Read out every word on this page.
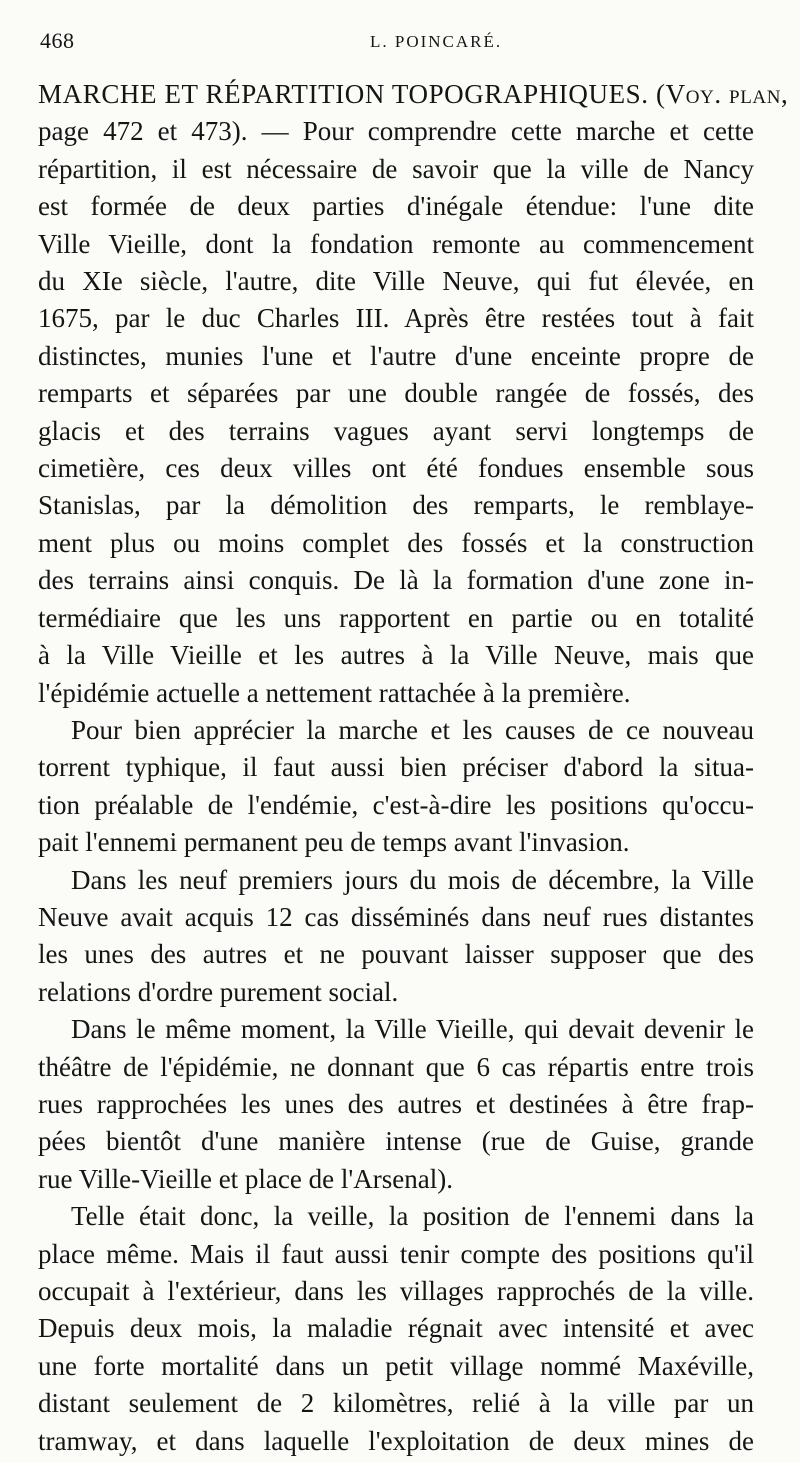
468	L. POINCARÉ.
MARCHE ET RÉPARTITION TOPOGRAPHIQUES. (Voy. plan,
page 472 et 473). — Pour comprendre cette marche et cette
répartition, il est nécessaire de savoir que la ville de Nancy
est formée de deux parties d'inégale étendue: l'une dite
Ville Vieille, dont la fondation remonte au commencement
du XIe siècle, l'autre, dite Ville Neuve, qui fut élevée, en
1675, par le duc Charles III. Après être restées tout à fait
distinctes, munies l'une et l'autre d'une enceinte propre de
remparts et séparées par une double rangée de fossés, des
glacis et des terrains vagues ayant servi longtemps de
cimetière, ces deux villes ont été fondues ensemble sous
Stanislas, par la démolition des remparts, le remblaye-
ment plus ou moins complet des fossés et la construction
des terrains ainsi conquis. De là la formation d'une zone in-
termédiaire que les uns rapportent en partie ou en totalité
à la Ville Vieille et les autres à la Ville Neuve, mais que
l'épidémie actuelle a nettement rattachée à la première.
Pour bien apprécier la marche et les causes de ce nouveau
torrent typhique, il faut aussi bien préciser d'abord la situa-
tion préalable de l'endémie, c'est-à-dire les positions qu'occu-
pait l'ennemi permanent peu de temps avant l'invasion.
Dans les neuf premiers jours du mois de décembre, la Ville
Neuve avait acquis 12 cas disséminés dans neuf rues distantes
les unes des autres et ne pouvant laisser supposer que des
relations d'ordre purement social.
Dans le même moment, la Ville Vieille, qui devait devenir le
théâtre de l'épidémie, ne donnant que 6 cas répartis entre trois
rues rapprochées les unes des autres et destinées à être frap-
pées bientôt d'une manière intense (rue de Guise, grande
rue Ville-Vieille et place de l'Arsenal).
Telle était donc, la veille, la position de l'ennemi dans la
place même. Mais il faut aussi tenir compte des positions qu'il
occupait à l'extérieur, dans les villages rapprochés de la ville.
Depuis deux mois, la maladie régnait avec intensité et avec
une forte mortalité dans un petit village nommé Maxéville,
distant seulement de 2 kilomètres, relié à la ville par un
tramway, et dans laquelle l'exploitation de deux mines de
